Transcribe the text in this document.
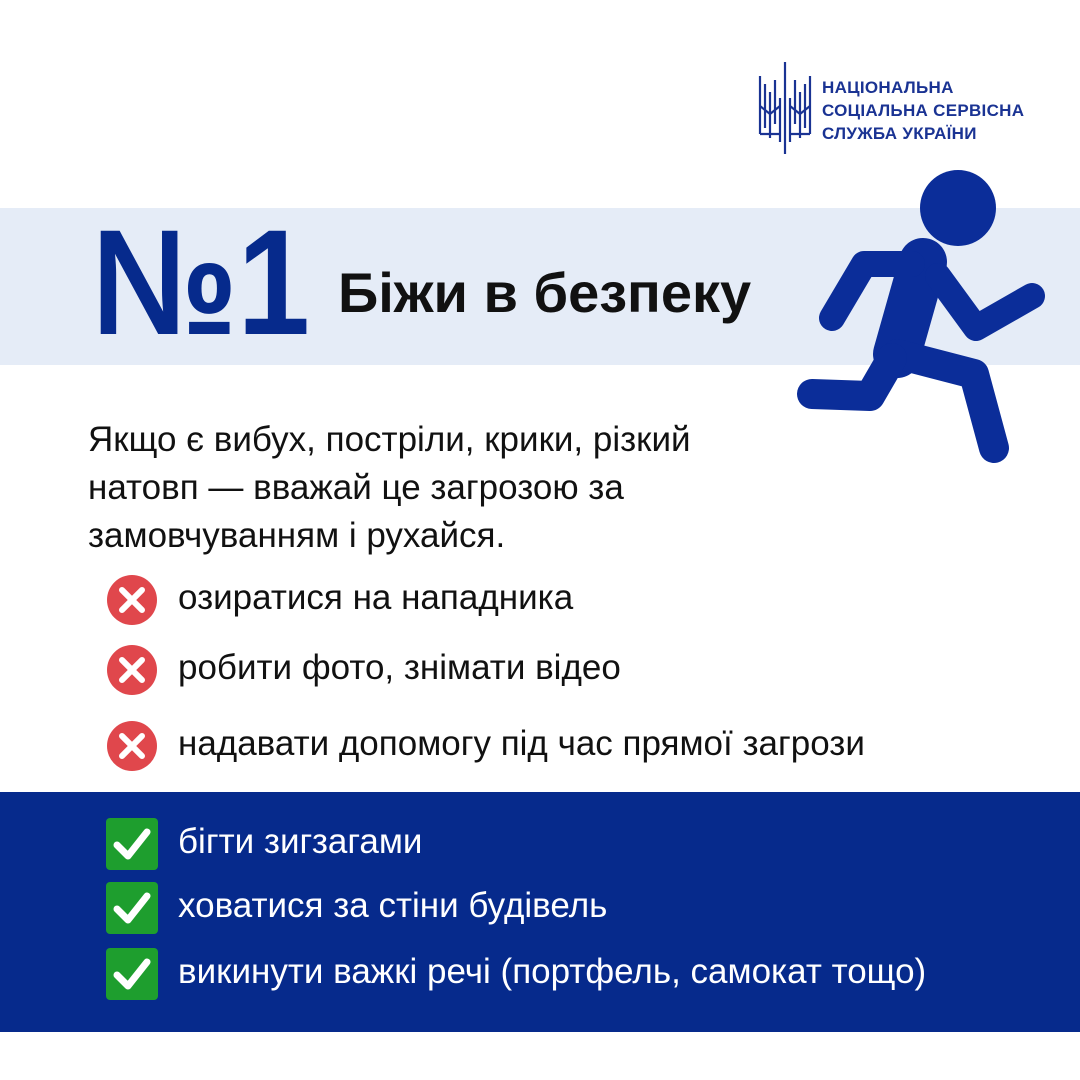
НАЦІОНАЛЬНА
СОЦІАЛЬНА СЕРВІСНА
СЛУЖБА УКРАЇНИ
№1 Біжи в безпеку
Якщо є вибух, постріли, крики, різкий
натовп — вважай це загрозою за
замовчуванням і рухайся.
озиратися на нападника
робити фото, знімати відео
надавати допомогу під час прямої загрози
бігти зигзагами
ховатися за стіни будівель
викинути важкі речі (портфель, самокат тощо)
